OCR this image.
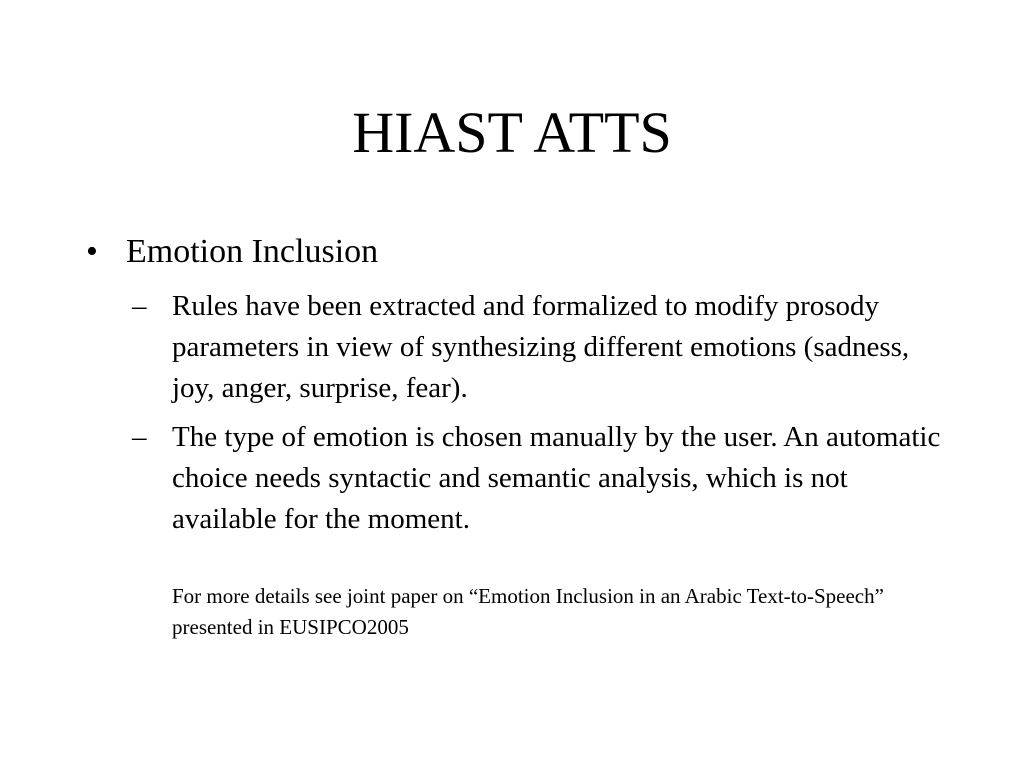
HIAST ATTS
• Emotion Inclusion
– Rules have been extracted and formalized to modify prosody parameters in view of synthesizing different emotions (sadness, joy, anger, surprise, fear).
– The type of emotion is chosen manually by the user. An automatic choice needs syntactic and semantic analysis, which is not available for the moment.
For more details see joint paper on “Emotion Inclusion in an Arabic Text-to-Speech” presented in EUSIPCO2005
